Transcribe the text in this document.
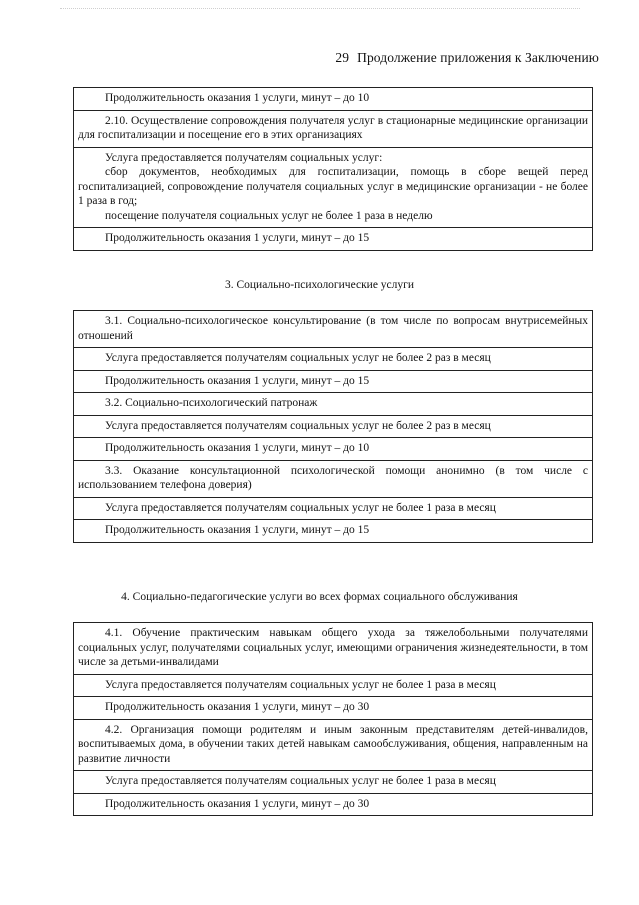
29 Продолжение приложения к Заключению
Продолжительность оказания 1 услуги, минут – до 10
2.10. Осуществление сопровождения получателя услуг в стационарные медицинские организации для госпитализации и посещение его в этих организациях

Услуга предоставляется получателям социальных услуг:

сбор документов, необходимых для госпитализации, помощь в сборе вещей перед госпитализацией, сопровождение получателя социальных услуг в медицинские организации - не более 1 раза в год;

посещение получателя социальных услуг не более 1 раза в неделю

Продолжительность оказания 1 услуги, минут – до 15
3. Социально-психологические услуги
3.1. Социально-психологическое консультирование (в том числе по вопросам внутрисемейных отношений
Услуга предоставляется получателям социальных услуг не более 2 раз в месяц
Продолжительность оказания 1 услуги, минут – до 15
3.2. Социально-психологический патронаж
Услуга предоставляется получателям социальных услуг не более 2 раз в месяц
Продолжительность оказания 1 услуги, минут – до 10
3.3. Оказание консультационной психологической помощи анонимно (в том числе с использованием телефона доверия)
Услуга предоставляется получателям социальных услуг не более 1 раза в месяц
Продолжительность оказания 1 услуги, минут – до 15
4. Социально-педагогические услуги во всех формах социального обслуживания
4.1. Обучение практическим навыкам общего ухода за тяжелобольными получателями социальных услуг, получателями социальных услуг, имеющими ограничения жизнедеятельности, в том числе за детьми-инвалидами
Услуга предоставляется получателям социальных услуг не более 1 раза в месяц
Продолжительность оказания 1 услуги, минут – до 30
4.2. Организация помощи родителям и иным законным представителям детей-инвалидов, воспитываемых дома, в обучении таких детей навыкам самообслуживания, общения, направленным на развитие личности
Услуга предоставляется получателям социальных услуг не более 1 раза в месяц
Продолжительность оказания 1 услуги, минут – до 30
